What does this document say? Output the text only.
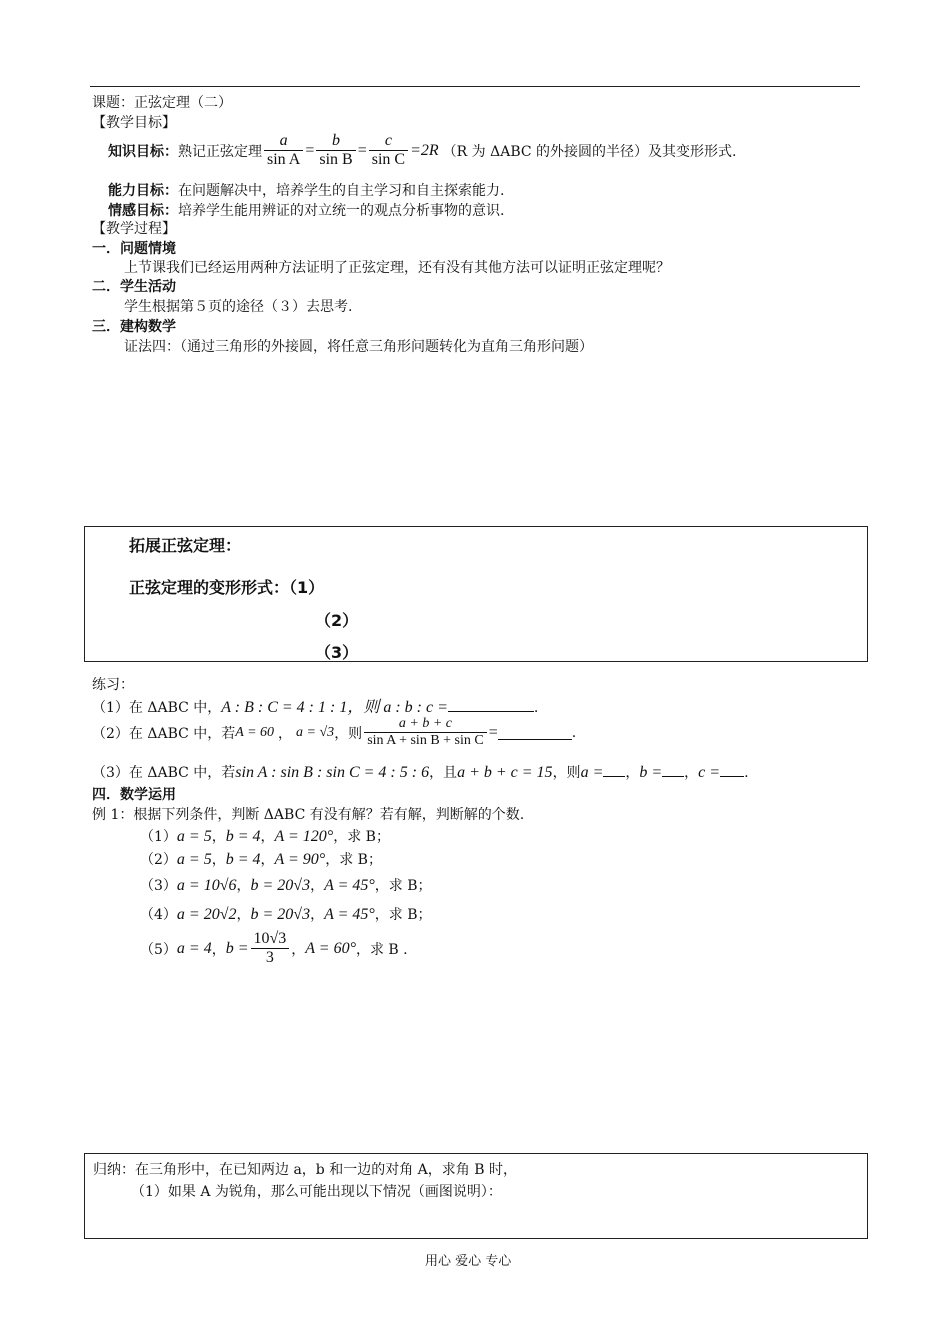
课题：正弦定理（二）
【教学目标】
知识目标： 熟记正弦定理 $\frac{a}{\text{sin A}} = \frac{b}{\text{sin B}} = \frac{c}{\text{sin C}} =2R$ （R 为 ΔABC 的外接圆的半径）及其变形形式.
能力目标：在问题解决中，培养学生的自主学习和自主探索能力.
情感目标：培养学生能用辨证的对立统一的观点分析事物的意识.
【教学过程】
一．问题情境
上节课我们已经运用两种方法证明了正弦定理，还有没有其他方法可以证明正弦定理呢？
二．学生活动
学生根据第５页的途径（３）去思考.
三．建构数学
证法四：（通过三角形的外接圆，将任意三角形问题转化为直角三角形问题）
拓展正弦定理：
正弦定理的变形形式：（1）
（2）
（3）
练习：
（1）在 ΔABC 中， A : B : C = 4 : 1 : 1 ，则 a : b : c =	.
（2）在 ΔABC 中，若 A = 60 ， a = √3 ，则 $\frac{a + b + c}{\text{sin A + sin B + sin C}}$ =	.
（3）在 ΔABC 中，若 sin A : sin B : sin C = 4 : 5 : 6 ，且 a + b + c = 15 ，则 a = ， b = ， c = .
四．数学运用
例 1：根据下列条件，判断 ΔABC 有没有解？若有解，判断解的个数.
（1） a = 5 ， b = 4 ， A = 120° ，求 B；
（2） a = 5 ， b = 4 ， A = 90° ，求 B；
（3） a = 10√6 ， b = 20√3 ， A = 45° ，求 B；
（4） a = 20√2 ， b = 20√3 ， A = 45° ，求 B；
（5） a = 4 ， $b = \frac{10√3}{3}$ ， A = 60° ，求 B .
归纳：在三角形中，在已知两边 a，b 和一边的对角 A，求角 B 时，
（1）如果 A 为锐角，那么可能出现以下情况（画图说明）：
用心 爱心 专心
